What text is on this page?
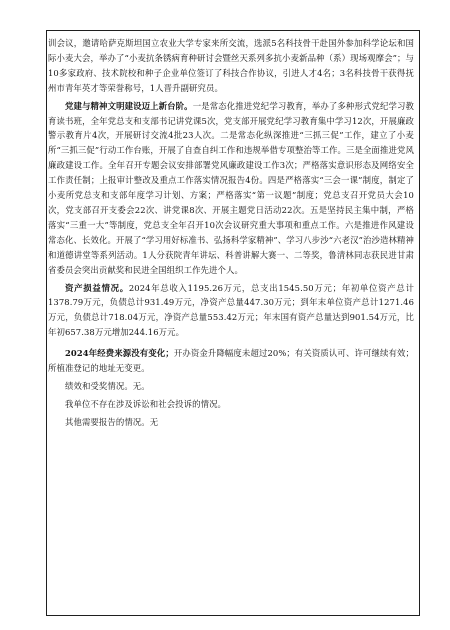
训会议，邀请哈萨克斯坦国立农业大学专家来所交流，选派5名科技骨干赴国外参加科学论坛和国际小麦大会，举办了“小麦抗条锈病育种研讨会暨丝天系列多抗小麦新品种（系）现场观摩会”；与10多家政府、技术院校和种子企业单位签订了科技合作协议，引进人才4名；3名科技骨干获得抚州市青年英才等荣誉称号，1人晋升副研究员。

党建与精神文明建设迈上新台阶。一是常态化推进党纪学习教育，举办了多种形式党纪学习教育读书班，全年党总支和支部书记讲党课5次，党支部开展党纪学习教育集中学习12次，开展廉政警示教育片4次，开展研讨交流4批23人次。二是常态化纵深推进“三抓三促”工作，建立了小麦所“三抓三促”行动工作台账，开展了自查自纠工作和违规举借专项整治等工作。三是全面推进党风廉政建设工作。全年召开专题会议安排部署党风廉政建设工作3次；严格落实意识形态及网络安全工作责任制；上报审计整改及重点工作落实情况报告4份。四是严格落实“三会一课”制度，制定了小麦所党总支和支部年度学习计划、方案；严格落实“第一议题”制度；党总支召开党员大会10次，党支部召开支委会22次、讲党课8次、开展主题党日活动22次。五是坚持民主集中制，严格落实“三重一大”等制度，党总支全年召开10次会议研究重大事项和重点工作。六是推进作风建设常态化、长效化。开展了“学习用好标准书、弘扬科学家精神”、学习八步沙“六老汉”治沙造林精神和道德讲堂等系列活动。1人分获院青年讲坛、科普讲解大赛一、二等奖，鲁清林同志获民进甘肃省委员会突出贡献奖和民进全国组织工作先进个人。

资产损益情况。2024年总收入1195.26万元，总支出1545.50万元；年初单位资产总计1378.79万元，负债总计931.49万元，净资产总量447.30万元；到年末单位资产总计1271.46万元，负债总计718.04万元，净资产总量553.42万元；年末国有资产总量达到901.54万元，比年初657.38万元增加244.16万元。

2024年经费来源没有变化；开办资金升降幅度未超过20%；有关资质认可、许可继续有效；所植准登记的地址无变更。

绩效和受奖情况。无。

我单位不存在涉及诉讼和社会投诉的情况。

其他需要报告的情况。无
